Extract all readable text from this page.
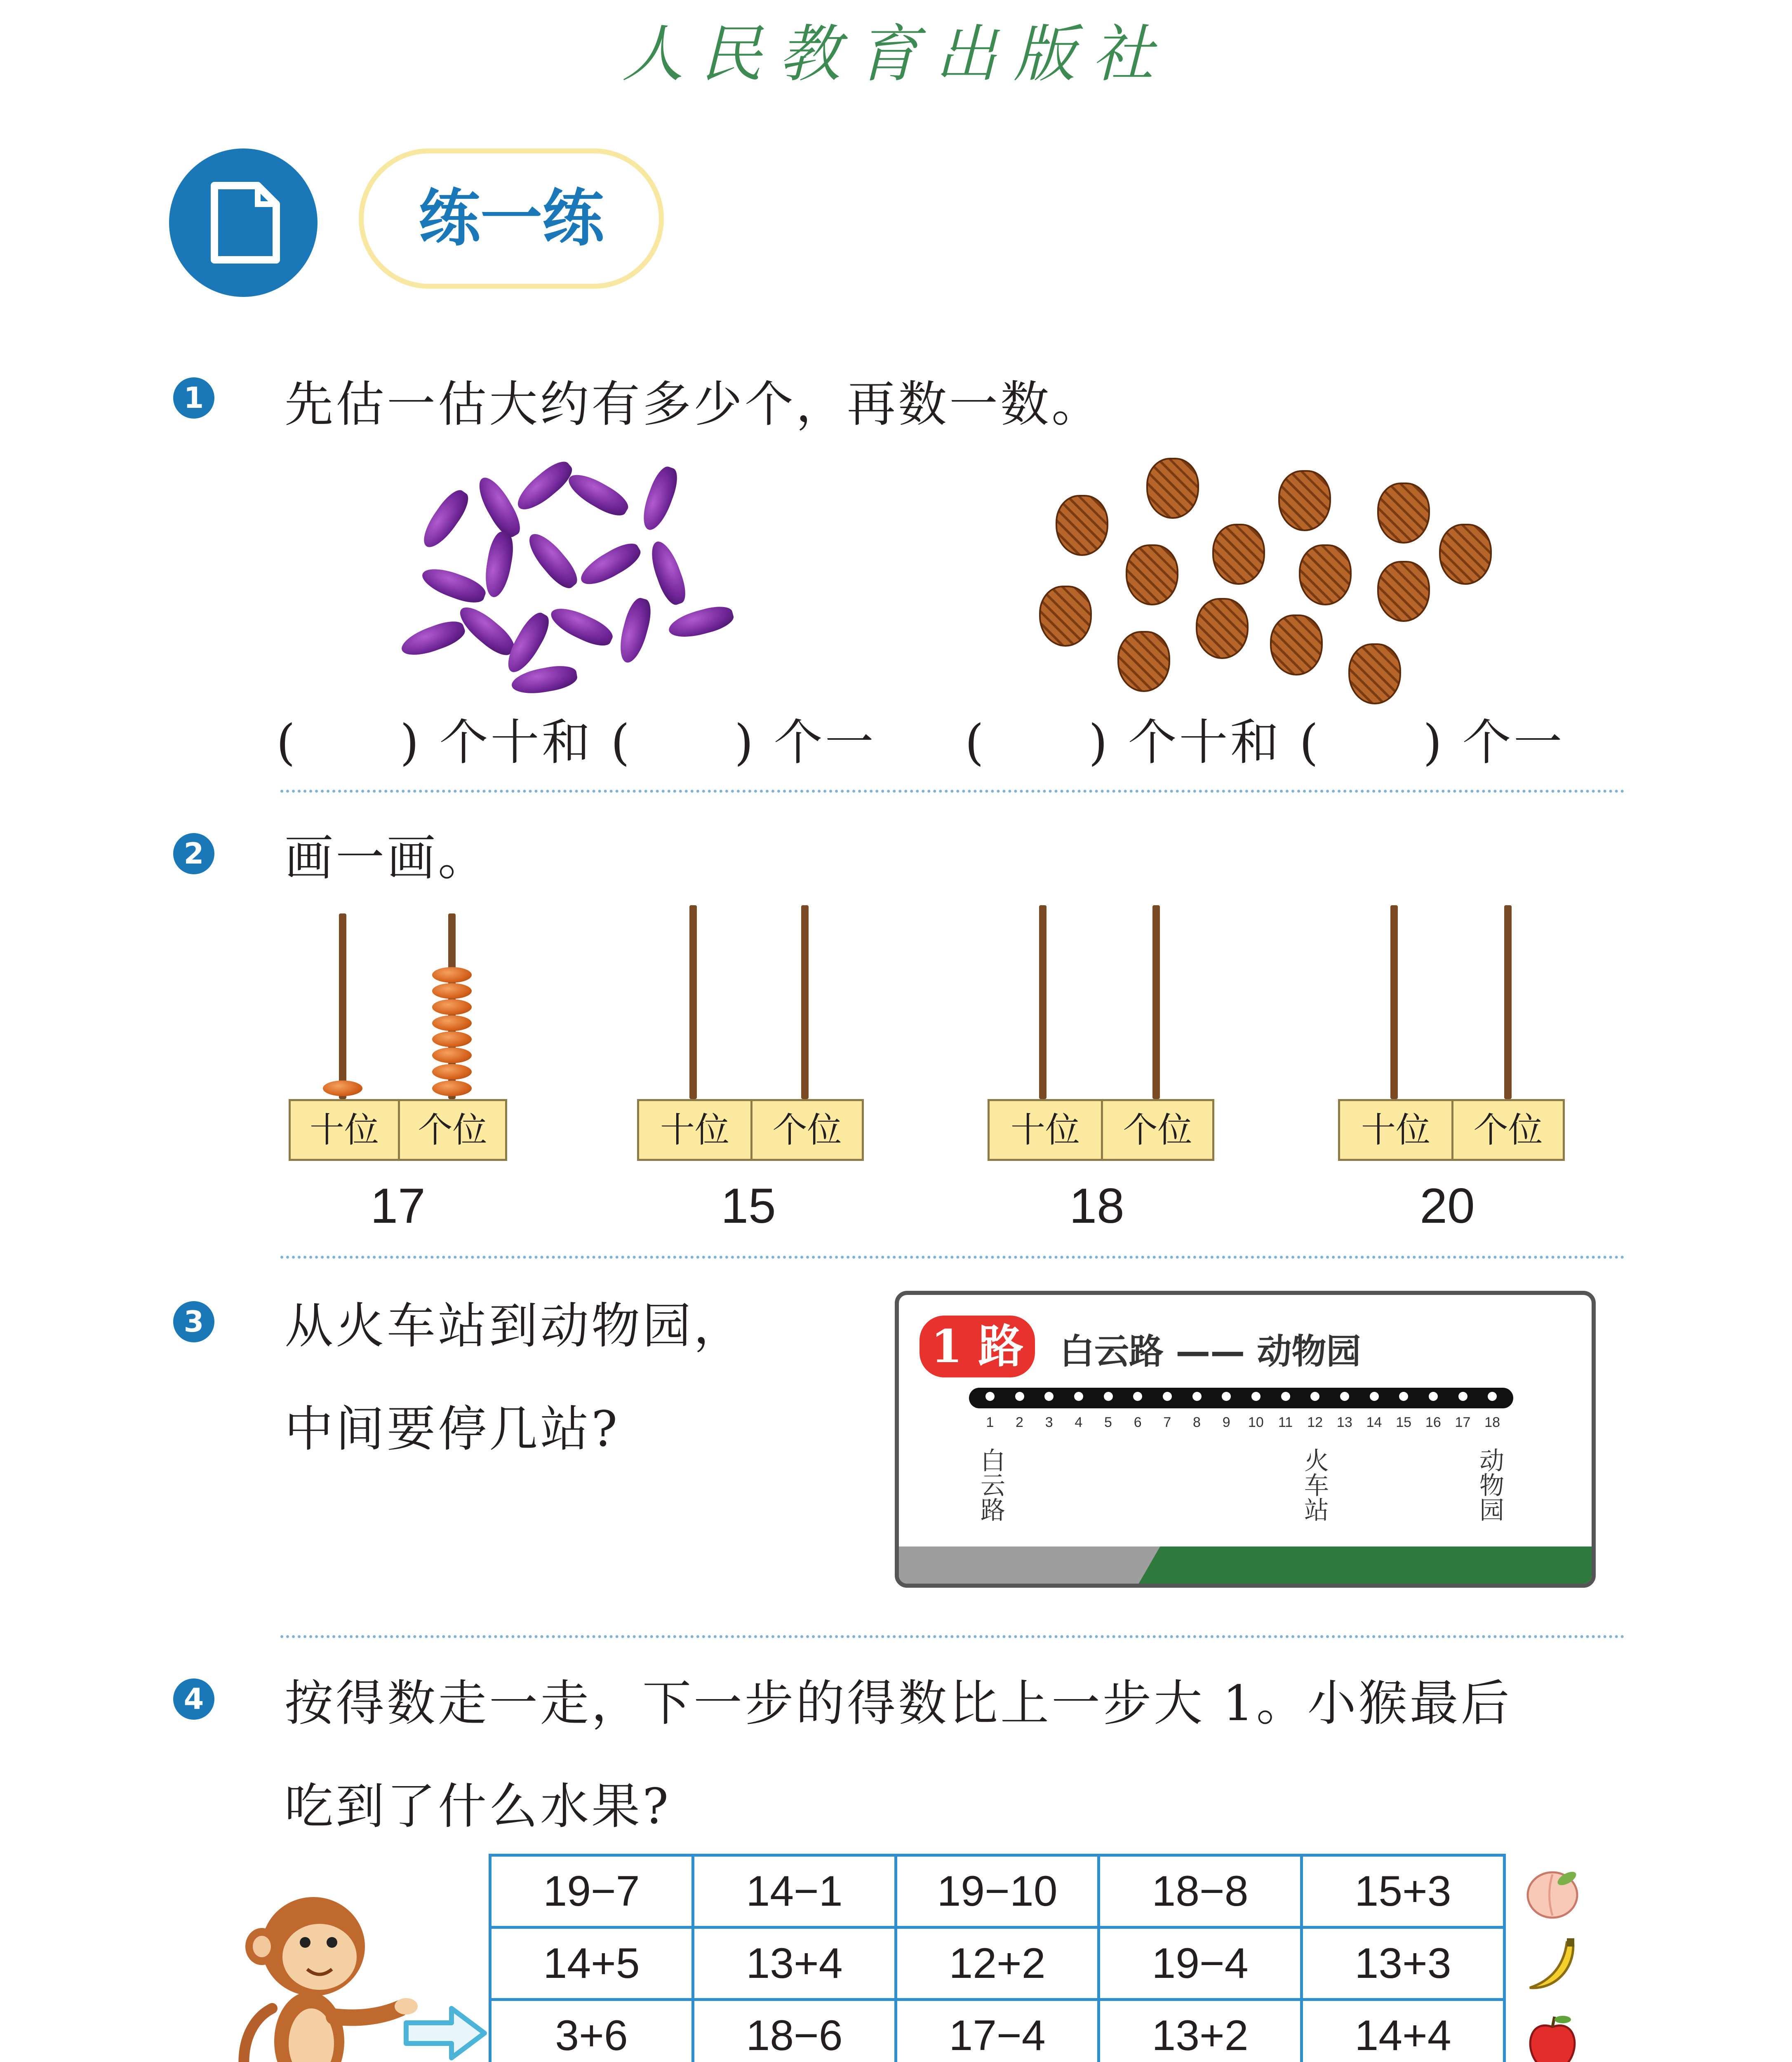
人民教育出版社
练一练
1 先估一估大约有多少个，再数一数。
(　　) 个十和 (　　) 个一 (　　) 个十和 (　　) 个一
2 画一画。
十位	个位
17
十位	个位
15
十位	个位
18
十位	个位
20
3 从火车站到动物园，
中间要停几站?
1 路	白云路 —— 动物园
1	2	3	4	5	6	7	8	9	10	11	12 13 14 15 16 17 18
白云路	火车站	动物园
4 按得数走一走，下一步的得数比上一步大 1。小猴最后
吃到了什么水果?
19−7	14−1	19−10	18−8	15+3
14+5	13+4	12+2	19−4	13+3
3+6	18−6	17−4	13+2	14+4
